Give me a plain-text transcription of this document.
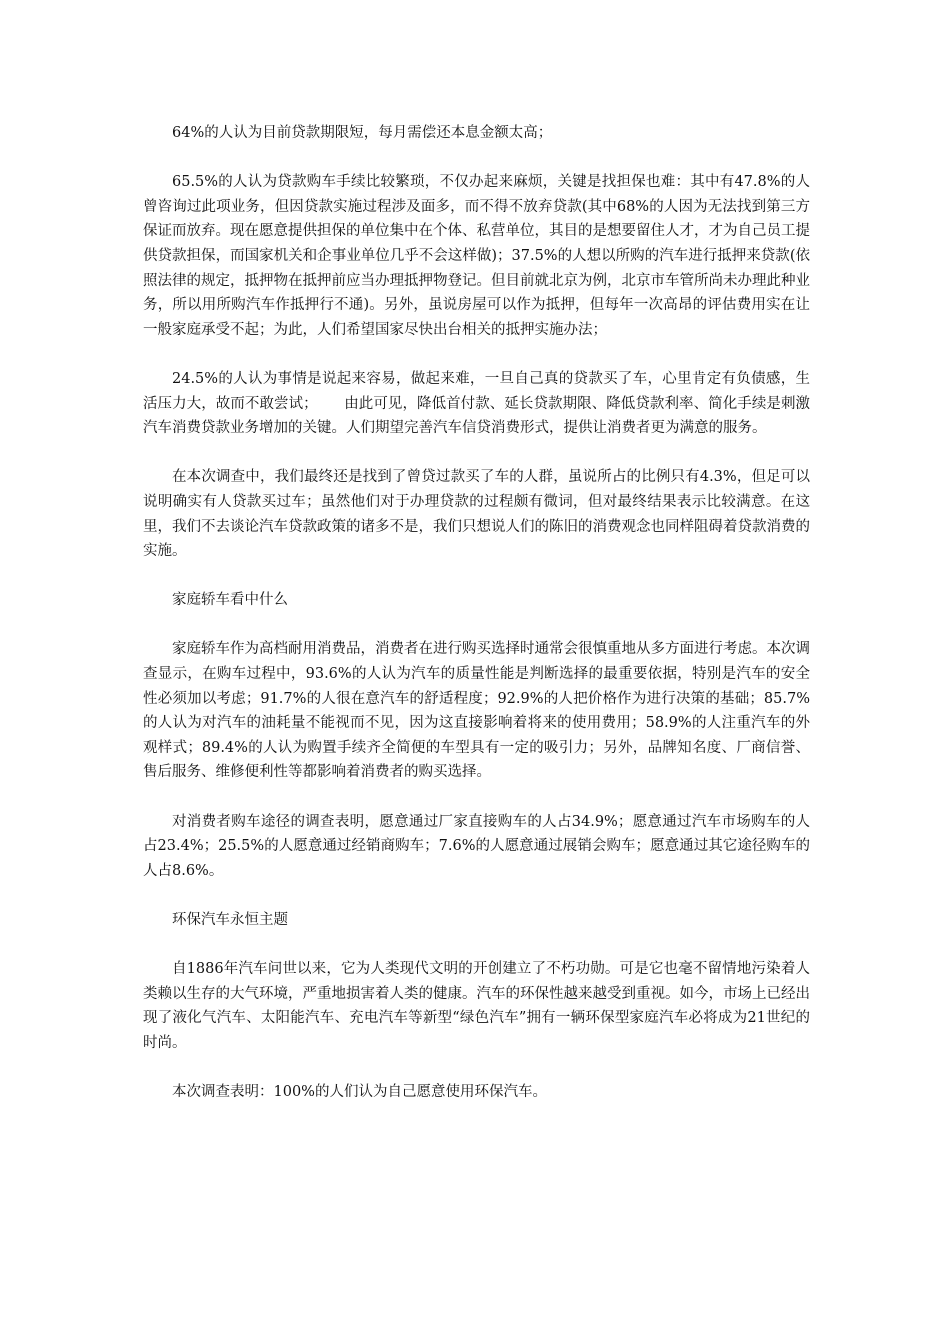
64%的人认为目前贷款期限短，每月需偿还本息金额太高；

65.5%的人认为贷款购车手续比较繁琐，不仅办起来麻烦，关键是找担保也难：其中有47.8%的人曾咨询过此项业务，但因贷款实施过程涉及面多，而不得不放弃贷款(其中68%的人因为无法找到第三方保证而放弃。现在愿意提供担保的单位集中在个体、私营单位，其目的是想要留住人才，才为自己员工提供贷款担保，而国家机关和企事业单位几乎不会这样做)；37.5%的人想以所购的汽车进行抵押来贷款(依照法律的规定，抵押物在抵押前应当办理抵押物登记。但目前就北京为例，北京市车管所尚未办理此种业务，所以用所购汽车作抵押行不通)。另外，虽说房屋可以作为抵押，但每年一次高昂的评估费用实在让一般家庭承受不起；为此，人们希望国家尽快出台相关的抵押实施办法；

24.5%的人认为事情是说起来容易，做起来难，一旦自己真的贷款买了车，心里肯定有负债感，生活压力大，故而不敢尝试；　　 由此可见，降低首付款、延长贷款期限、降低贷款利率、简化手续是刺激汽车消费贷款业务增加的关键。人们期望完善汽车信贷消费形式，提供让消费者更为满意的服务。

在本次调查中，我们最终还是找到了曾贷过款买了车的人群，虽说所占的比例只有4.3%，但足可以说明确实有人贷款买过车；虽然他们对于办理贷款的过程颇有微词，但对最终结果表示比较满意。在这里，我们不去谈论汽车贷款政策的诸多不是，我们只想说人们的陈旧的消费观念也同样阻碍着贷款消费的实施。

家庭轿车看中什么

家庭轿车作为高档耐用消费品，消费者在进行购买选择时通常会很慎重地从多方面进行考虑。本次调查显示，在购车过程中，93.6%的人认为汽车的质量性能是判断选择的最重要依据，特别是汽车的安全性必须加以考虑；91.7%的人很在意汽车的舒适程度；92.9%的人把价格作为进行决策的基础；85.7%的人认为对汽车的油耗量不能视而不见，因为这直接影响着将来的使用费用；58.9%的人注重汽车的外观样式；89.4%的人认为购置手续齐全简便的车型具有一定的吸引力；另外，品牌知名度、厂商信誉、售后服务、维修便利性等都影响着消费者的购买选择。

对消费者购车途径的调查表明，愿意通过厂家直接购车的人占34.9%；愿意通过汽车市场购车的人占23.4%；25.5%的人愿意通过经销商购车；7.6%的人愿意通过展销会购车；愿意通过其它途径购车的人占8.6%。

环保汽车永恒主题

自1886年汽车问世以来，它为人类现代文明的开创建立了不朽功勋。可是它也毫不留情地污染着人类赖以生存的大气环境，严重地损害着人类的健康。汽车的环保性越来越受到重视。如今，市场上已经出现了液化气汽车、太阳能汽车、充电汽车等新型“绿色汽车”拥有一辆环保型家庭汽车必将成为21世纪的时尚。

本次调查表明：100%的人们认为自己愿意使用环保汽车。
